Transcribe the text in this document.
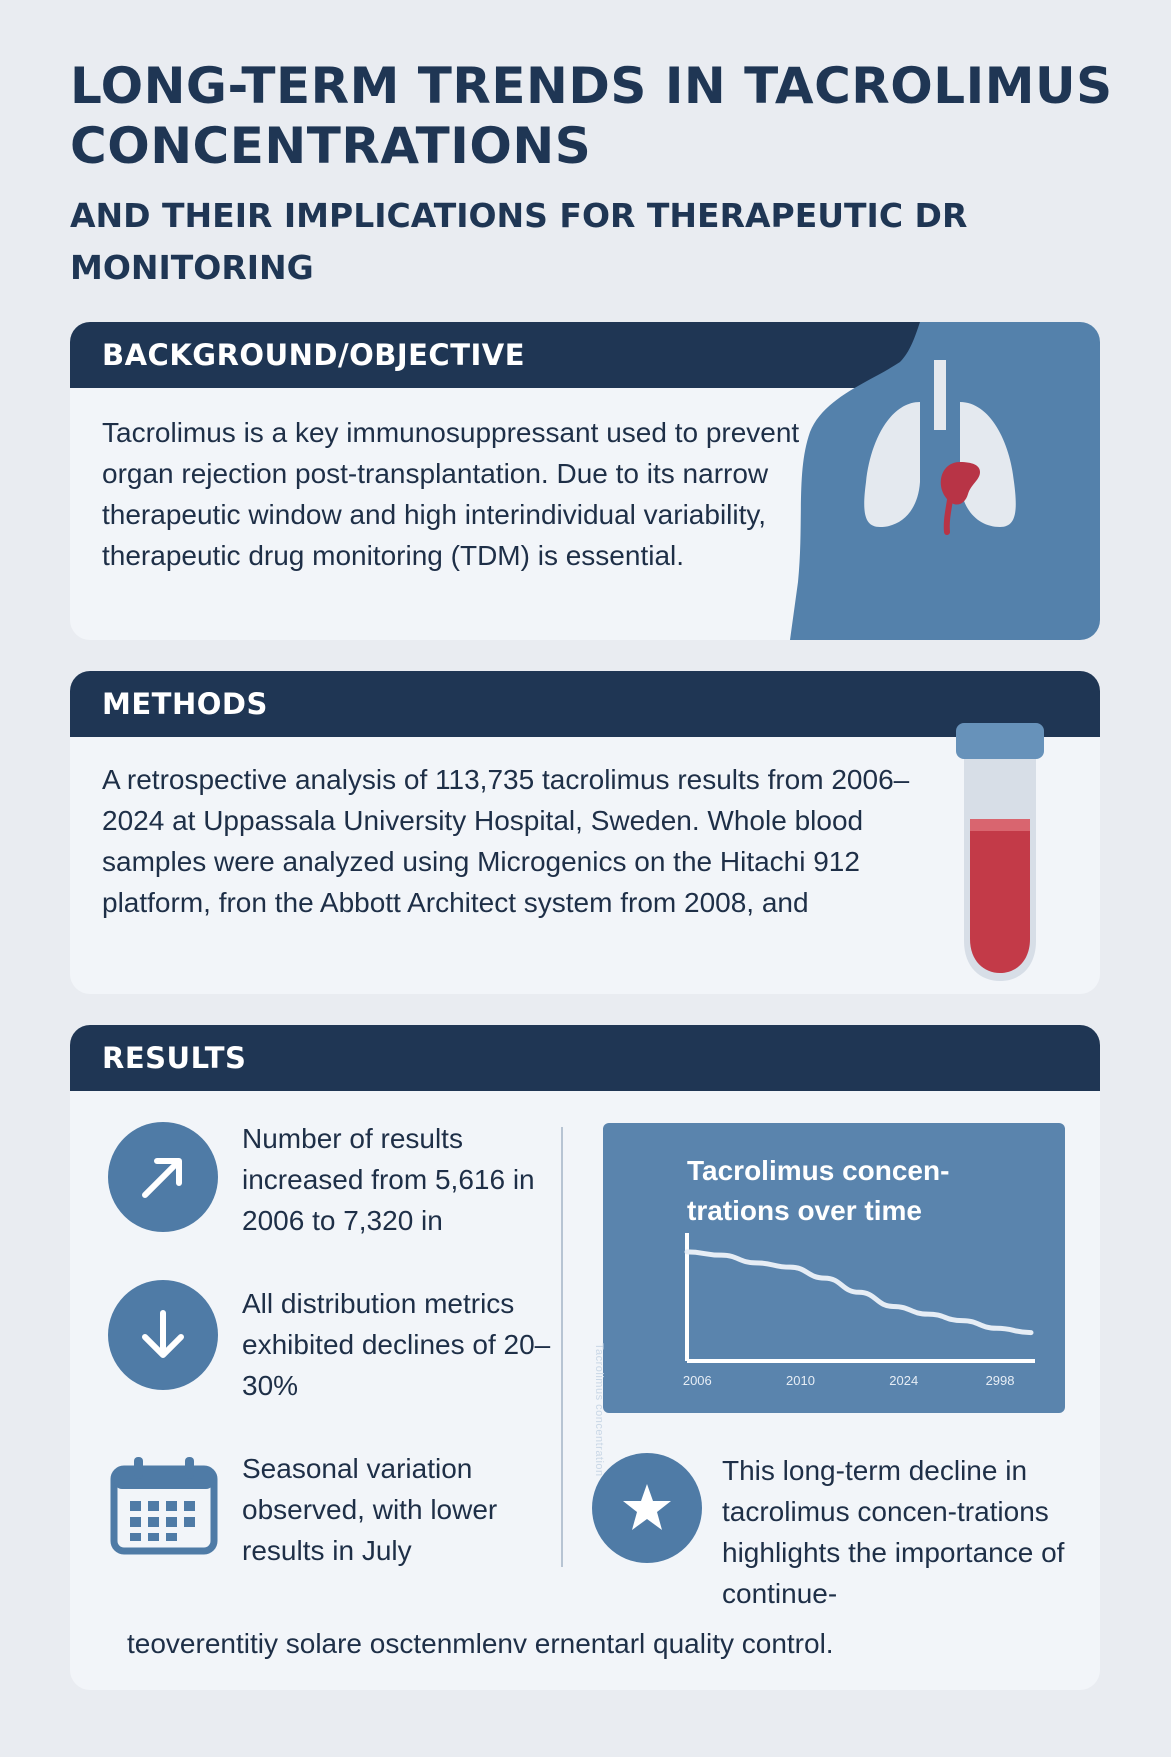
LONG-TERM TRENDS IN TACROLIMUS CONCENTRATIONS
AND THEIR IMPLICATIONS FOR THERAPEUTIC DR MONITORING
BACKGROUND/OBJECTIVE
Tacrolimus is a key immunosuppressant used to prevent organ rejection post-transplantation. Due to its narrow therapeutic window and high interindividual variability, therapeutic drug monitoring (TDM) is essential.
METHODS
A retrospective analysis of 113,735 tacrolimus results from 2006–2024 at Uppassala University Hospital, Sweden. Whole blood samples were analyzed using Microgenics on the Hitachi 912 platform, fron the Abbott Architect system from 2008, and
RESULTS
Number of results increased from 5,616 in 2006 to 7,320 in
All distribution metrics exhibited declines of 20–30%
Seasonal variation observed, with lower results in July
Tacrolimus concen-trations over time
Tacrolimus concentration	2006	2010	2024	2998
This long-term decline in tacrolimus concen-trations highlights the importance of continue-
teoverentitiy solare osctenmlenv ernentarl quality control.
